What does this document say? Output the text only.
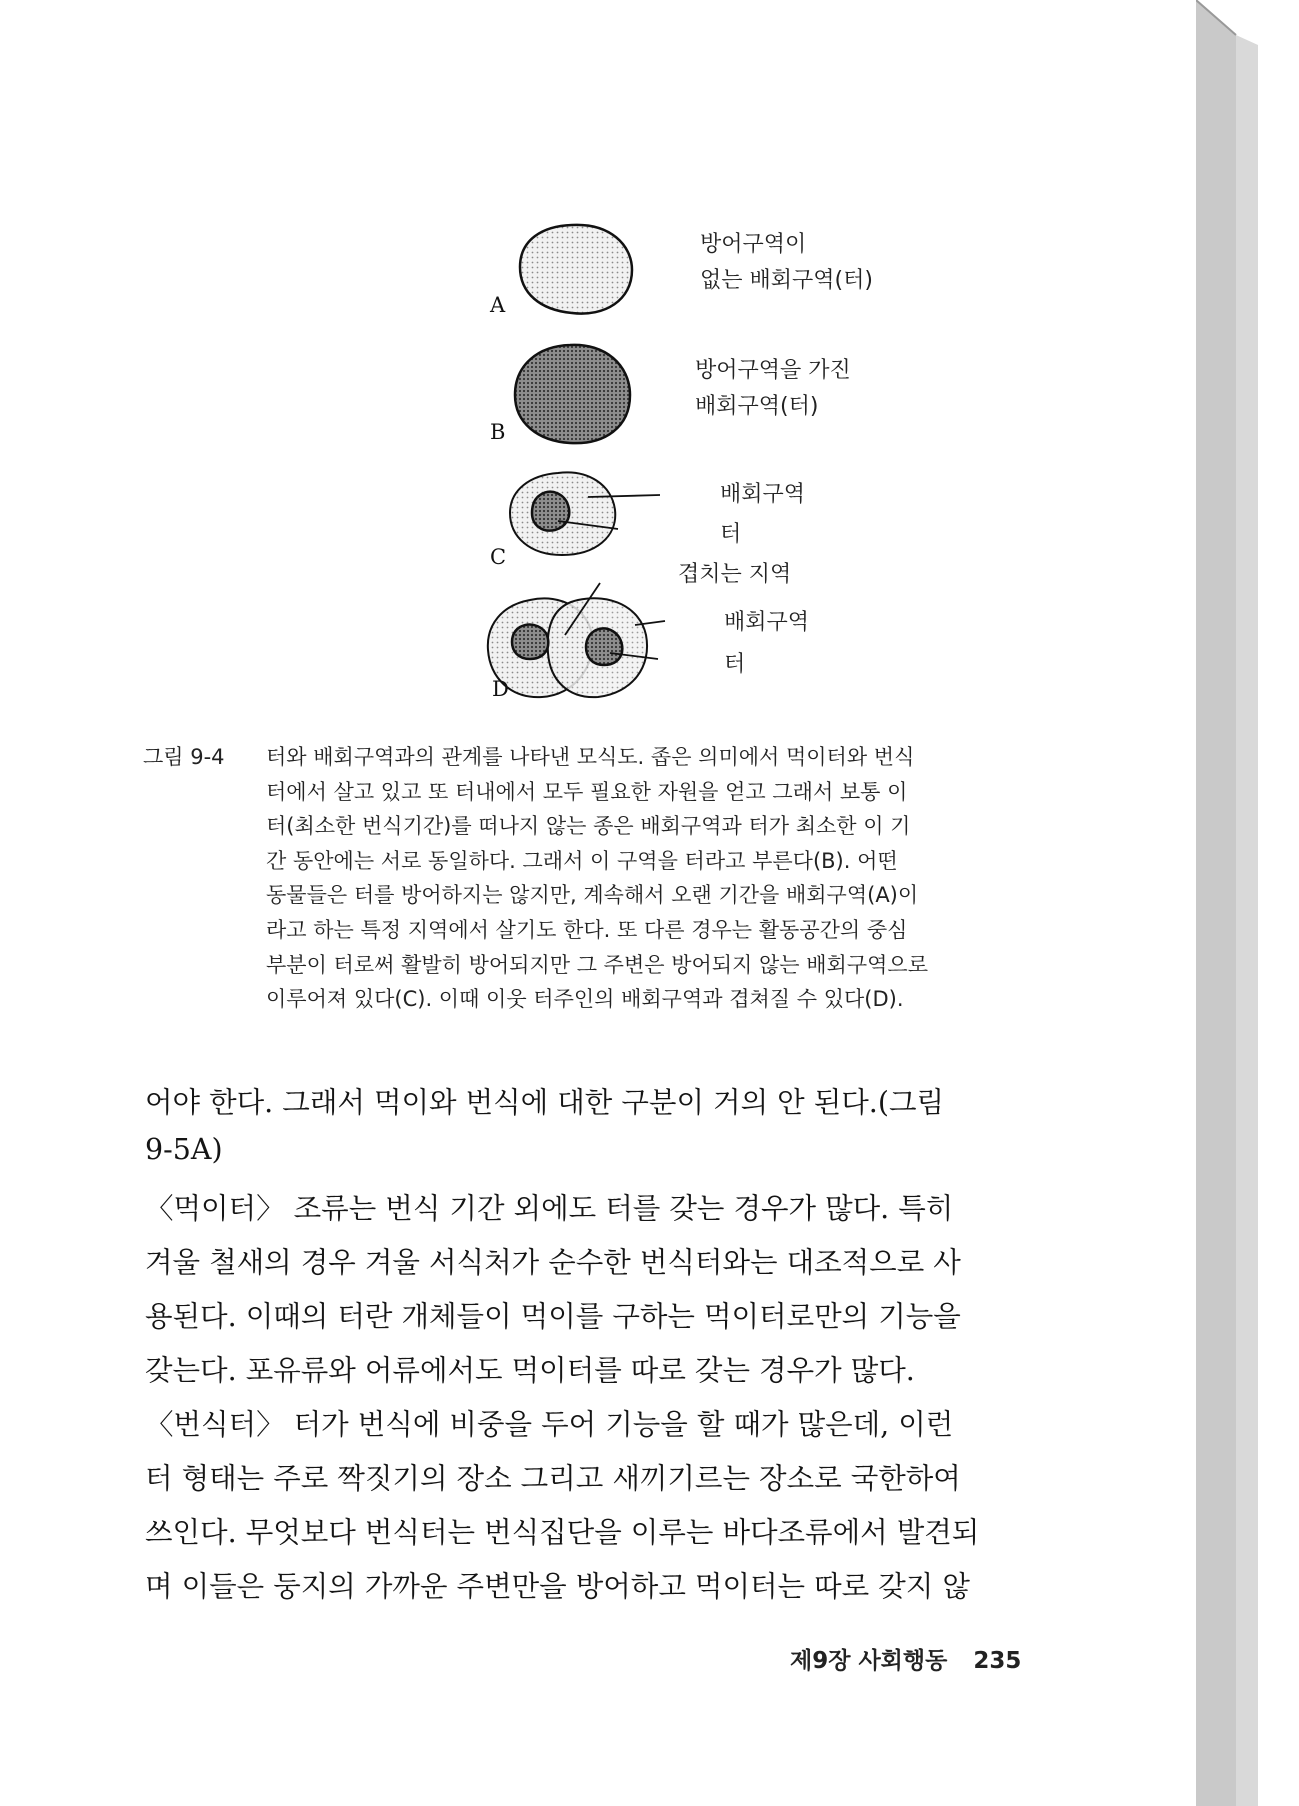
A
B
C
D
방어구역이
없는 배회구역(터)
방어구역을 가진
배회구역(터)
배회구역
터
겹치는 지역
배회구역
터
그림 9-4 터와 배회구역과의 관계를 나타낸 모식도. 좁은 의미에서 먹이터와 번식
터에서 살고 있고 또 터내에서 모두 필요한 자원을 얻고 그래서 보통 이
터(최소한 번식기간)를 떠나지 않는 종은 배회구역과 터가 최소한 이 기
간 동안에는 서로 동일하다. 그래서 이 구역을 터라고 부른다(B). 어떤
동물들은 터를 방어하지는 않지만, 계속해서 오랜 기간을 배회구역(A)이
라고 하는 특정 지역에서 살기도 한다. 또 다른 경우는 활동공간의 중심
부분이 터로써 활발히 방어되지만 그 주변은 방어되지 않는 배회구역으로
이루어져 있다(C). 이때 이웃 터주인의 배회구역과 겹쳐질 수 있다(D).
어야 한다. 그래서 먹이와 번식에 대한 구분이 거의 안 된다.(그림
9-5A)
〈먹이터〉 조류는 번식 기간 외에도 터를 갖는 경우가 많다. 특히
겨울 철새의 경우 겨울 서식처가 순수한 번식터와는 대조적으로 사
용된다. 이때의 터란 개체들이 먹이를 구하는 먹이터로만의 기능을
갖는다. 포유류와 어류에서도 먹이터를 따로 갖는 경우가 많다.
〈번식터〉 터가 번식에 비중을 두어 기능을 할 때가 많은데, 이런
터 형태는 주로 짝짓기의 장소 그리고 새끼기르는 장소로 국한하여
쓰인다. 무엇보다 번식터는 번식집단을 이루는 바다조류에서 발견되
며 이들은 둥지의 가까운 주변만을 방어하고 먹이터는 따로 갖지 않
제9장 사회행동 235
